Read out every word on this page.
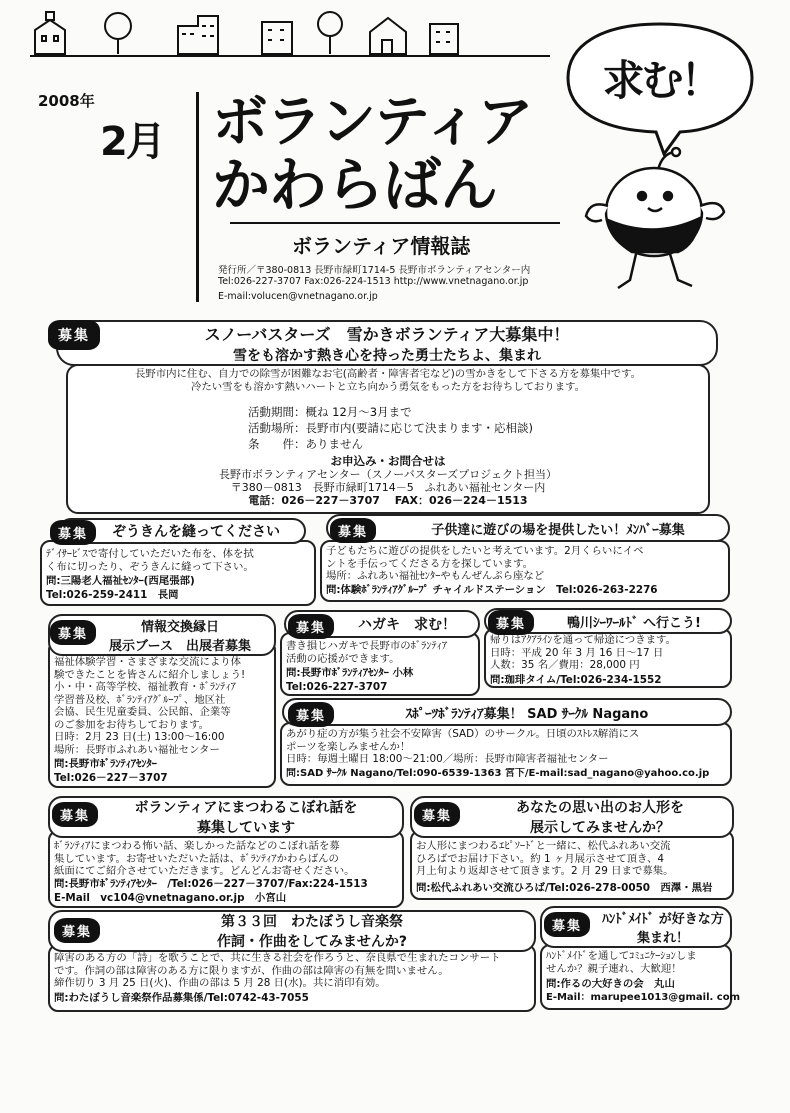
2008年
2月 ボランティア
かわらばん
ボランティア情報誌
発行所／〒380-0813 長野市緑町1714-5 長野市ボランティアセンター内
Tel:026-227-3707 Fax:026-224-1513 http://www.vnetnagano.or.jp
E-mail:volucen@vnetnagano.or.jp
求む！
スノーバスターズ　雪かきボランティア大募集中！
雪をも溶かす熱き心を持った勇士たちよ、集まれ
募集
長野市内に住む、自力での除雪が困難なお宅(高齢者・障害者宅など)の雪かきをして下さる方を募集中です。
冷たい雪をも溶かす熱いハートと立ち向かう勇気をもった方をお待ちしております。
活動期間：概ね 12月～3月まで
活動場所：長野市内(要請に応じて決まります・応相談)
条　　件：ありません
お申込み・お問合せは
長野市ボランティアセンター（スノーバスターズプロジェクト担当）
〒380－0813　長野市緑町1714－5　ふれあい福祉センター内
電話：026－227－3707　 FAX：026－224－1513
ぞうきんを縫ってください
募集
ﾃﾞｲｻｰﾋﾞｽで寄付していただいた布を、体を拭
く布に切ったり、ぞうきんに縫って下さい。
問:三陽老人福祉ｾﾝﾀｰ(西尾張部)
Tel:026-259-2411　長岡
子供達に遊びの場を提供したい！ﾒﾝﾊﾞｰ募集
募集
子どもたちに遊びの提供をしたいと考えています。2月くらいにイベ
ントを手伝ってくださる方を探しています。
場所：ふれあい福祉ｾﾝﾀｰやもんぜんぷら座など
問:体験ﾎﾞﾗﾝﾃｨｱｸﾞﾙｰﾌﾟ チャイルドステーション　Tel:026-263-2276
情報交換縁日
展示ブース　出展者募集
募集
福祉体験学習・さまざまな交流により体
験できたことを皆さんに紹介しましょう!
小・中・高等学校、福祉教育・ﾎﾞﾗﾝﾃｨｱ
学習普及校、ﾎﾞﾗﾝﾃｨｱｸﾞﾙｰﾌﾟ、地区社
会協、民生児童委員、公民館、企業等
のご参加をお待ちしております。
日時：2月 23 日(土) 13:00～16:00
場所：長野市ふれあい福祉センター
問:長野市ﾎﾞﾗﾝﾃｨｱｾﾝﾀｰ
Tel:026－227－3707
ハガキ　求む！
募集
書き損じハガキで長野市のﾎﾞﾗﾝﾃｨｱ
活動の応援ができます。
問:長野市ﾎﾞﾗﾝﾃｨｱｾﾝﾀｰ 小林
Tel:026-227-3707
鴨川ｼｰﾜｰﾙﾄﾞ へ行こう!
募集
帰りはｱｸｱﾗｲﾝを通って帰途につきます。
日時：平成 20 年 3 月 16 日～17 日
人数：35 名／費用：28,000 円
問:珈琲タイム/Tel:026-234-1552
ｽﾎﾟｰﾂﾎﾞﾗﾝﾃｨｱ募集！ SAD ｻｰｸﾙ Nagano
募集
あがり症の方が集う社会不安障害（SAD）のサークル。日頃のｽﾄﾚｽ解消にス
ポーツを楽しみませんか！
日時：毎週土曜日 18:00～21:00／場所：長野市障害者福祉センター
問:SAD ｻｰｸﾙ Nagano/Tel:090-6539-1363 宮下/E-mail:sad_nagano@yahoo.co.jp
ボランティアにまつわるこぼれ話を
募集しています
募集
ﾎﾞﾗﾝﾃｨｱにまつわる怖い話、楽しかった話などのこぼれ話を募
集しています。お寄せいただいた話は、ﾎﾞﾗﾝﾃｨｱかわらばんの
紙面にてご紹介させていただきます。どんどんお寄せください。
問:長野市ﾎﾞﾗﾝﾃｨｱｾﾝﾀｰ　/Tel:026－227－3707/Fax:224-1513
E-Mail　vc104@vnetnagano.or.jp　小宮山
あなたの思い出のお人形を
展示してみませんか？
募集
お人形にまつわるｴﾋﾟｿｰﾄﾞと一緒に、松代ふれあい交流
ひろばでお届け下さい。約 1 ヶ月展示させて頂き、4
月上旬より返却させて頂きます。2 月 29 日まで募集。
問:松代ふれあい交流ひろば/Tel:026-278-0050　西澤・黒岩
第３３回　わたぼうし音楽祭
作詞・作曲をしてみませんか?
募集
障害のある方の「詩」を歌うことで、共に生きる社会を作ろうと、奈良県で生まれたコンサート
です。作詞の部は障害のある方に限りますが、作曲の部は障害の有無を問いません。
締作切り 3 月 25 日(火)、作曲の部は 5 月 28 日(水)。共に消印有効。
問:わたぼうし音楽祭作品募集係/Tel:0742-43-7055
ﾊﾝﾄﾞﾒｲﾄﾞ が好きな方
集まれ！
募集
ﾊﾝﾄﾞﾒｲﾄﾞを通してｺﾐｭﾆｹｰｼｮﾝしま
せんか？親子連れ、大歓迎！
問:作るの大好きの会　丸山
E-Mail：marupee1013@gmail. com
